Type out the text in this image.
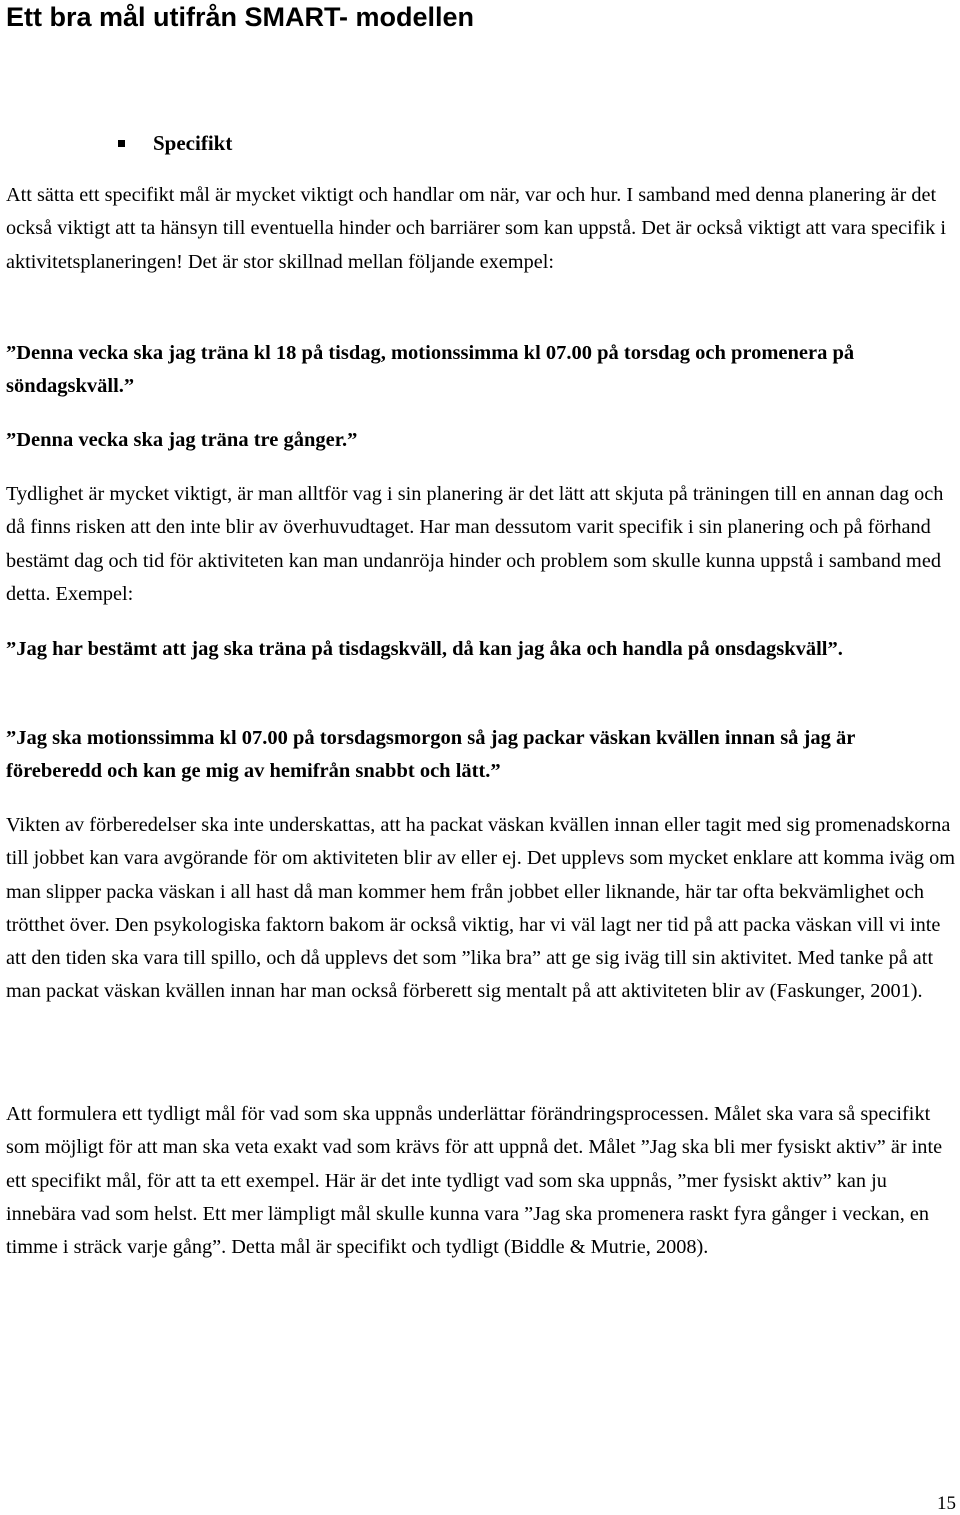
Ett bra mål utifrån SMART- modellen
Specifikt

Att sätta ett specifikt mål är mycket viktigt och handlar om när, var och hur. I samband med denna planering är det också viktigt att ta hänsyn till eventuella hinder och barriärer som kan uppstå. Det är också viktigt att vara specifik i aktivitetsplaneringen! Det är stor skillnad mellan följande exempel:

”Denna vecka ska jag träna kl 18 på tisdag, motionssimma kl 07.00 på torsdag och promenera på söndagskväll.”

”Denna vecka ska jag träna tre gånger.”

Tydlighet är mycket viktigt, är man alltför vag i sin planering är det lätt att skjuta på träningen till en annan dag och då finns risken att den inte blir av överhuvudtaget. Har man dessutom varit specifik i sin planering och på förhand bestämt dag och tid för aktiviteten kan man undanröja hinder och problem som skulle kunna uppstå i samband med detta. Exempel:

”Jag har bestämt att jag ska träna på tisdagskväll, då kan jag åka och handla på onsdagskväll”.

”Jag ska motionssimma kl 07.00 på torsdagsmorgon så jag packar väskan kvällen innan så jag är föreberedd och kan ge mig av hemifrån snabbt och lätt.”

Vikten av förberedelser ska inte underskattas, att ha packat väskan kvällen innan eller tagit med sig promenadskorna till jobbet kan vara avgörande för om aktiviteten blir av eller ej. Det upplevs som mycket enklare att komma iväg om man slipper packa väskan i all hast då man kommer hem från jobbet eller liknande, här tar ofta bekvämlighet och trötthet över. Den psykologiska faktorn bakom är också viktig, har vi väl lagt ner tid på att packa väskan vill vi inte att den tiden ska vara till spillo, och då upplevs det som ”lika bra” att ge sig iväg till sin aktivitet. Med tanke på att man packat väskan kvällen innan har man också förberett sig mentalt på att aktiviteten blir av (Faskunger, 2001).

Att formulera ett tydligt mål för vad som ska uppnås underlättar förändringsprocessen. Målet ska vara så specifikt som möjligt för att man ska veta exakt vad som krävs för att uppnå det. Målet ”Jag ska bli mer fysiskt aktiv” är inte ett specifikt mål, för att ta ett exempel. Här är det inte tydligt vad som ska uppnås, ”mer fysiskt aktiv” kan ju innebära vad som helst. Ett mer lämpligt mål skulle kunna vara ”Jag ska promenera raskt fyra gånger i veckan, en timme i sträck varje gång”. Detta mål är specifikt och tydligt (Biddle & Mutrie, 2008).

15
